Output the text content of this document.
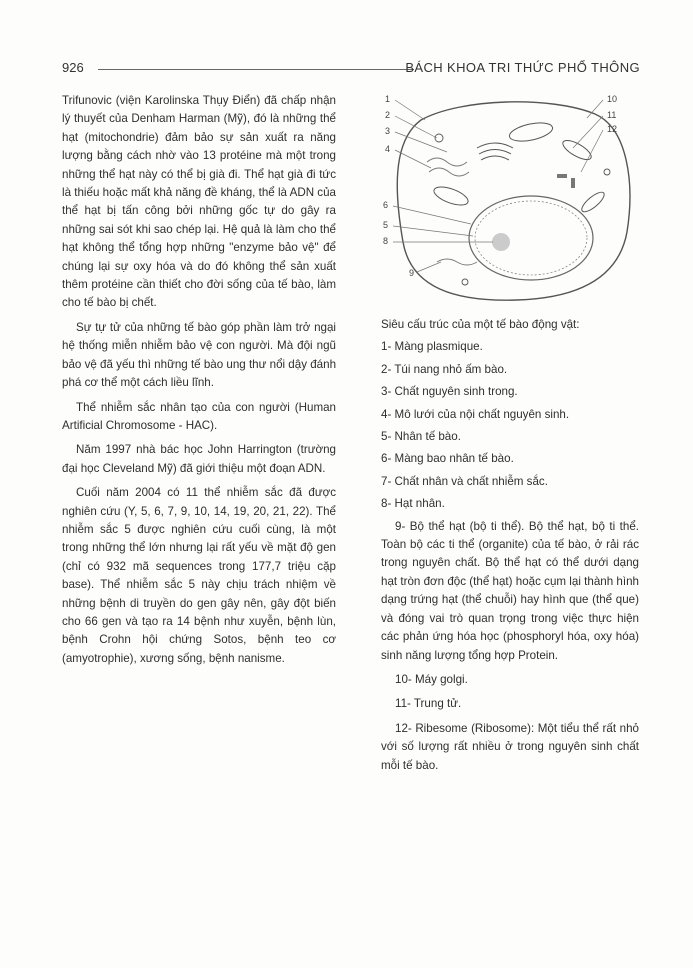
926	BÁCH KHOA TRI THỨC PHỔ THÔNG

Trifunovic (viện Karolinska Thụy Điển) đã chấp nhận lý thuyết của Denham Harman (Mỹ), đó là những thể hạt (mitochondrie) đảm bảo sự sản xuất ra năng lượng bằng cách nhờ vào 13 protéine mà một trong những thể hạt này có thể bị già đi. Thể hạt già đi tức là thiếu hoặc mất khả năng đề kháng, thể là ADN của thể hạt bị tấn công bởi những gốc tự do gây ra những sai sót khi sao chép lại. Hệ quả là làm cho thể hạt không thể tổng hợp những "enzyme bảo vệ" để chúng lại sự oxy hóa và do đó không thể sản xuất thêm protéine cần thiết cho đời sống của tế bào, làm cho tế bào bị chết.

Sự tự tử của những tế bào góp phần làm trở ngại hệ thống miễn nhiễm bảo vệ con người. Mà đội ngũ bảo vệ đã yếu thì những tế bào ung thư nổi dậy đánh phá cơ thể một cách liều lĩnh.

Thể nhiễm sắc nhân tạo của con người (Human Artificial Chromosome - HAC).

Năm 1997 nhà bác học John Harrington (trường đại học Cleveland Mỹ) đã giới thiệu một đoạn ADN.

Cuối năm 2004 có 11 thể nhiễm sắc đã được nghiên cứu (Y, 5, 6, 7, 9, 10, 14, 19, 20, 21, 22). Thể nhiễm sắc 5 được nghiên cứu cuối cùng, là một trong những thể lớn nhưng lại rất yếu về mặt độ gen (chỉ có 932 mã sequences trong 177,7 triệu cặp base). Thể nhiễm sắc 5 này chịu trách nhiệm về những bệnh di truyền do gen gây nên, gây đột biến cho 66 gen và tạo ra 14 bệnh như xuyễn, bệnh lùn, bệnh Crohn hội chứng Sotos, bệnh teo cơ (amyotrophie), xương sống, bệnh nanisme.

1
2
3
4
5
6
8
9
10
11
12

Siêu cấu trúc của một tế bào động vật:

1- Màng plasmique.

2- Túi nang nhỏ ấm bào.

3- Chất nguyên sinh trong.

4- Mô lưới của nội chất nguyên sinh.

5- Nhân tế bào.

6- Màng bao nhân tế bào.

7- Chất nhân và chất nhiễm sắc.

8- Hạt nhân.

9- Bộ thể hạt (bộ ti thể). Bộ thể hạt, bộ ti thể. Toàn bộ các ti thể (organite) của tế bào, ở rải rác trong nguyên chất. Bộ thể hạt có thể dưới dạng hạt tròn đơn độc (thể hạt) hoặc cụm lại thành hình dạng trứng hạt (thể chuỗi) hay hình que (thể que) và đóng vai trò quan trọng trong việc thực hiện các phản ứng hóa học (phosphoryl hóa, oxy hóa) sinh năng lượng tổng hợp Protein.

10- Máy golgi.

11- Trung tử.

12- Ribesome (Ribosome): Một tiểu thể rất nhỏ với số lượng rất nhiều ở trong nguyên sinh chất mỗi tế bào.
